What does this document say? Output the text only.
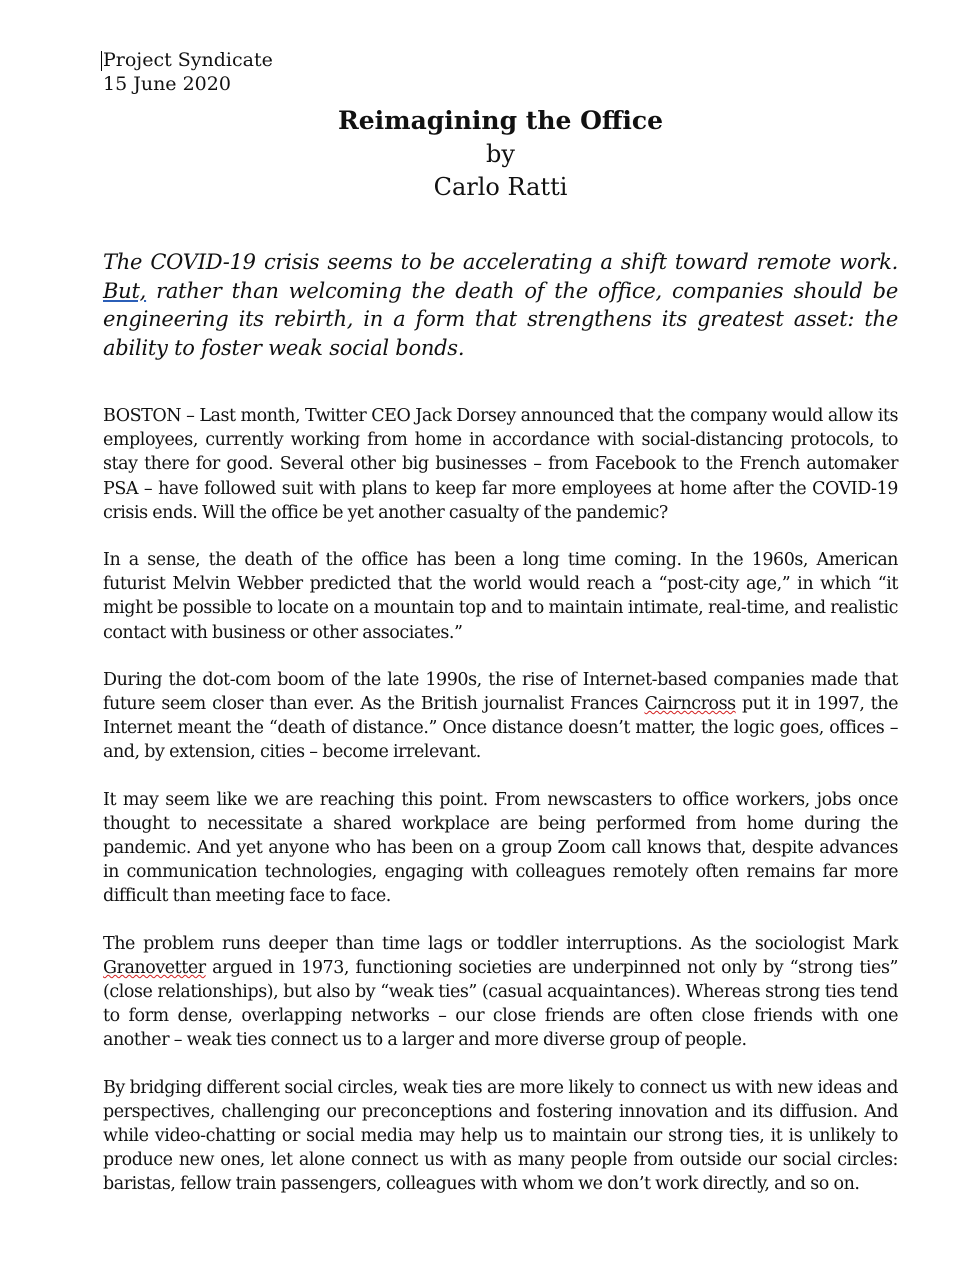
Project Syndicate
15 June 2020
Reimagining the Office
by
Carlo Ratti

The COVID-19 crisis seems to be accelerating a shift toward remote work. But, rather than welcoming the death of the office, companies should be engineering its rebirth, in a form that strengthens its greatest asset: the ability to foster weak social bonds.

BOSTON – Last month, Twitter CEO Jack Dorsey announced that the company would allow its employees, currently working from home in accordance with social-distancing protocols, to stay there for good. Several other big businesses – from Facebook to the French automaker PSA – have followed suit with plans to keep far more employees at home after the COVID-19 crisis ends. Will the office be yet another casualty of the pandemic?

In a sense, the death of the office has been a long time coming. In the 1960s, American futurist Melvin Webber predicted that the world would reach a “post-city age,” in which “it might be possible to locate on a mountain top and to maintain intimate, real-time, and realistic contact with business or other associates.”

During the dot-com boom of the late 1990s, the rise of Internet-based companies made that future seem closer than ever. As the British journalist Frances Cairncross put it in 1997, the Internet meant the “death of distance.” Once distance doesn’t matter, the logic goes, offices – and, by extension, cities – become irrelevant.

It may seem like we are reaching this point. From newscasters to office workers, jobs once thought to necessitate a shared workplace are being performed from home during the pandemic. And yet anyone who has been on a group Zoom call knows that, despite advances in communication technologies, engaging with colleagues remotely often remains far more difficult than meeting face to face.

The problem runs deeper than time lags or toddler interruptions. As the sociologist Mark Granovetter argued in 1973, functioning societies are underpinned not only by “strong ties” (close relationships), but also by “weak ties” (casual acquaintances). Whereas strong ties tend to form dense, overlapping networks – our close friends are often close friends with one another – weak ties connect us to a larger and more diverse group of people.

By bridging different social circles, weak ties are more likely to connect us with new ideas and perspectives, challenging our preconceptions and fostering innovation and its diffusion. And while video-chatting or social media may help us to maintain our strong ties, it is unlikely to produce new ones, let alone connect us with as many people from outside our social circles: baristas, fellow train passengers, colleagues with whom we don’t work directly, and so on.
